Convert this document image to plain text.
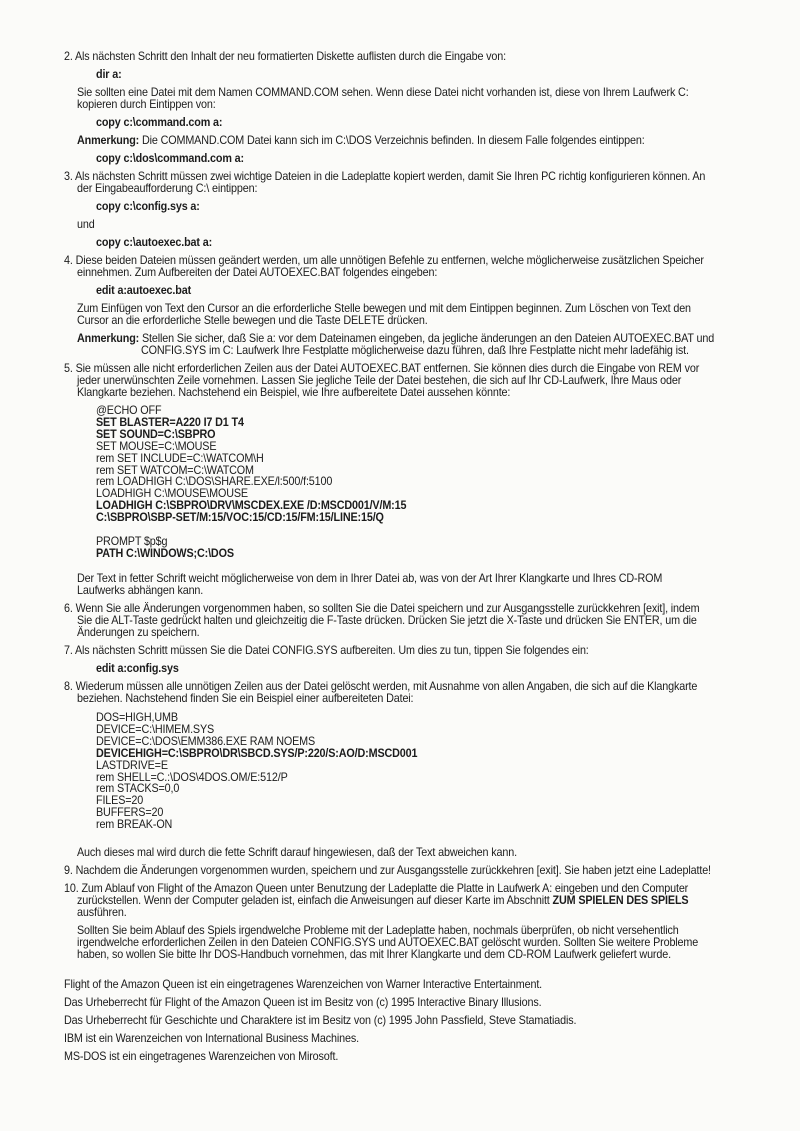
2. Als nächsten Schritt den Inhalt der neu formatierten Diskette auflisten durch die Eingabe von:
dir a:
Sie sollten eine Datei mit dem Namen COMMAND.COM sehen. Wenn diese Datei nicht vorhanden ist, diese von Ihrem Laufwerk C:
kopieren durch Eintippen von:
copy c:\command.com a:
Anmerkung: Die COMMAND.COM Datei kann sich im C:\DOS Verzeichnis befinden. In diesem Falle folgendes eintippen:
copy c:\dos\command.com a:
3. Als nächsten Schritt müssen zwei wichtige Dateien in die Ladeplatte kopiert werden, damit Sie Ihren PC richtig konfigurieren können. An
der Eingabeaufforderung C:\ eintippen:
copy c:\config.sys a:
und
copy c:\autoexec.bat a:
4. Diese beiden Dateien müssen geändert werden, um alle unnötigen Befehle zu entfernen, welche möglicherweise zusätzlichen Speicher
einnehmen. Zum Aufbereiten der Datei AUTOEXEC.BAT folgendes eingeben:
edit a:autoexec.bat
Zum Einfügen von Text den Cursor an die erforderliche Stelle bewegen und mit dem Eintippen beginnen. Zum Löschen von Text den
Cursor an die erforderliche Stelle bewegen und die Taste DELETE drücken.
Anmerkung: Stellen Sie sicher, daß Sie a: vor dem Dateinamen eingeben, da jegliche änderungen an den Dateien AUTOEXEC.BAT und
CONFIG.SYS im C: Laufwerk Ihre Festplatte möglicherweise dazu führen, daß Ihre Festplatte nicht mehr ladefähig ist.
5. Sie müssen alle nicht erforderlichen Zeilen aus der Datei AUTOEXEC.BAT entfernen. Sie können dies durch die Eingabe von REM vor
jeder unerwünschten Zeile vornehmen. Lassen Sie jegliche Teile der Datei bestehen, die sich auf Ihr CD-Laufwerk, Ihre Maus oder
Klangkarte beziehen. Nachstehend ein Beispiel, wie Ihre aufbereitete Datei aussehen könnte:
@ECHO OFF
SET BLASTER=A220 I7 D1 T4
SET SOUND=C:\SBPRO
SET MOUSE=C:\MOUSE
rem SET INCLUDE=C:\WATCOM\H
rem SET WATCOM=C:\WATCOM
rem LOADHIGH C:\DOS\SHARE.EXE/l:500/f:5100
LOADHIGH C:\MOUSE\MOUSE
LOADHIGH C:\SBPRO\DRV\MSCDEX.EXE /D:MSCD001/V/M:15
C:\SBPRO\SBP-SET/M:15/VOC:15/CD:15/FM:15/LINE:15/Q
PROMPT $p$g
PATH C:\WINDOWS;C:\DOS
Der Text in fetter Schrift weicht möglicherweise von dem in Ihrer Datei ab, was von der Art Ihrer Klangkarte und Ihres CD-ROM
Laufwerks abhängen kann.
6. Wenn Sie alle Änderungen vorgenommen haben, so sollten Sie die Datei speichern und zur Ausgangsstelle zurückkehren [exit], indem
Sie die ALT-Taste gedrückt halten und gleichzeitig die F-Taste drücken. Drücken Sie jetzt die X-Taste und drücken Sie ENTER, um die
Änderungen zu speichern.
7. Als nächsten Schritt müssen Sie die Datei CONFIG.SYS aufbereiten. Um dies zu tun, tippen Sie folgendes ein:
edit a:config.sys
8. Wiederum müssen alle unnötigen Zeilen aus der Datei gelöscht werden, mit Ausnahme von allen Angaben, die sich auf die Klangkarte
beziehen. Nachstehend finden Sie ein Beispiel einer aufbereiteten Datei:
DOS=HIGH,UMB
DEVICE=C:\HIMEM.SYS
DEVICE=C:\DOS\EMM386.EXE RAM NOEMS
DEVICEHIGH=C:\SBPRO\DR\SBCD.SYS/P:220/S:AO/D:MSCD001
LASTDRIVE=E
rem SHELL=C.:\DOS\4DOS.OM/E:512/P
rem STACKS=0,0
FILES=20
BUFFERS=20
rem BREAK-ON
Auch dieses mal wird durch die fette Schrift darauf hingewiesen, daß der Text abweichen kann.
9. Nachdem die Änderungen vorgenommen wurden, speichern und zur Ausgangsstelle zurückkehren [exit]. Sie haben jetzt eine Ladeplatte!
10. Zum Ablauf von Flight of the Amazon Queen unter Benutzung der Ladeplatte die Platte in Laufwerk A: eingeben und den Computer
zurückstellen. Wenn der Computer geladen ist, einfach die Anweisungen auf dieser Karte im Abschnitt ZUM SPIELEN DES SPIELS
ausführen.
Sollten Sie beim Ablauf des Spiels irgendwelche Probleme mit der Ladeplatte haben, nochmals überprüfen, ob nicht versehentlich
irgendwelche erforderlichen Zeilen in den Dateien CONFIG.SYS und AUTOEXEC.BAT gelöscht wurden. Sollten Sie weitere Probleme
haben, so wollen Sie bitte Ihr DOS-Handbuch vornehmen, das mit Ihrer Klangkarte und dem CD-ROM Laufwerk geliefert wurde.
Flight of the Amazon Queen ist ein eingetragenes Warenzeichen von Warner Interactive Entertainment.
Das Urheberrecht für Flight of the Amazon Queen ist im Besitz von (c) 1995 Interactive Binary Illusions.
Das Urheberrecht für Geschichte und Charaktere ist im Besitz von (c) 1995 John Passfield, Steve Stamatiadis.
IBM ist ein Warenzeichen von International Business Machines.
MS-DOS ist ein eingetragenes Warenzeichen von Mirosoft.
